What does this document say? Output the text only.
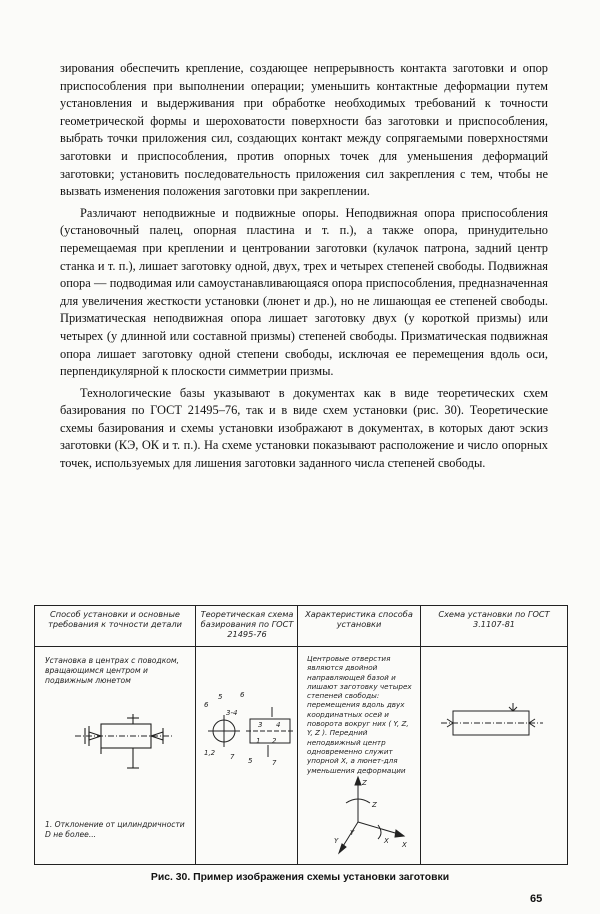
зирования обеспечить крепление, создающее непрерывность контакта заготовки и опор приспособления при выполнении операции; уменьшить контактные деформации путем установления и выдерживания при обработке необходимых требований к точности геометрической формы и шероховатости поверхности баз заготовки и приспособления, выбрать точки приложения сил, создающих контакт между сопрягаемыми поверхностями заготовки и приспособления, против опорных точек для уменьшения деформаций заготовки; установить последовательность приложения сил закрепления с тем, чтобы не вызвать изменения положения заготовки при закреплении.

Различают неподвижные и подвижные опоры. Неподвижная опора приспособления (установочный палец, опорная пластина и т. п.), а также опора, принудительно перемещаемая при креплении и центровании заготовки (кулачок патрона, задний центр станка и т. п.), лишает заготовку одной, двух, трех и четырех степеней свободы. Подвижная опора — подводимая или самоустанавливающаяся опора приспособления, предназначенная для увеличения жесткости установки (люнет и др.), но не лишающая ее степеней свободы. Призматическая неподвижная опора лишает заготовку двух (у короткой призмы) или четырех (у длинной или составной призмы) степеней свободы. Призматическая подвижная опора лишает заготовку одной степени свободы, исключая ее перемещения вдоль оси, перпендикулярной к плоскости симметрии призмы.

Технологические базы указывают в документах как в виде теоретических схем базирования по ГОСТ 21495–76, так и в виде схем установки (рис. 30). Теоретические схемы базирования и схемы установки изображают в документах, в которых дают эскиз заготовки (КЭ, ОК и т. п.). На схеме установки показывают расположение и число опорных точек, используемых для лишения заготовки заданного числа степеней свободы.

Способ установки и основные требования к точности детали
Теоретическая схема базирования по ГОСТ 21495-76
Характеристика способа установки
Схема установки по ГОСТ 3.1107-81
Установка в центрах с поводком, вращающимся центром и подвижным люнетом
1. Отклонение от цилиндричности D не более...
Центровые отверстия являются двойной направляющей базой и лишают заготовку четырех степеней свободы: перемещения вдоль двух координатных осей и поворота вокруг них ( Y, Z, Y, Z ). Передний неподвижный центр одновременно служит упорной X, а люнет-для уменьшения деформации
6
3-4
5	6
1,2
3 4
5
1 2
7
7
Z
Z
X
X
Y
Y
Рис. 30. Пример изображения схемы установки заготовки
65
